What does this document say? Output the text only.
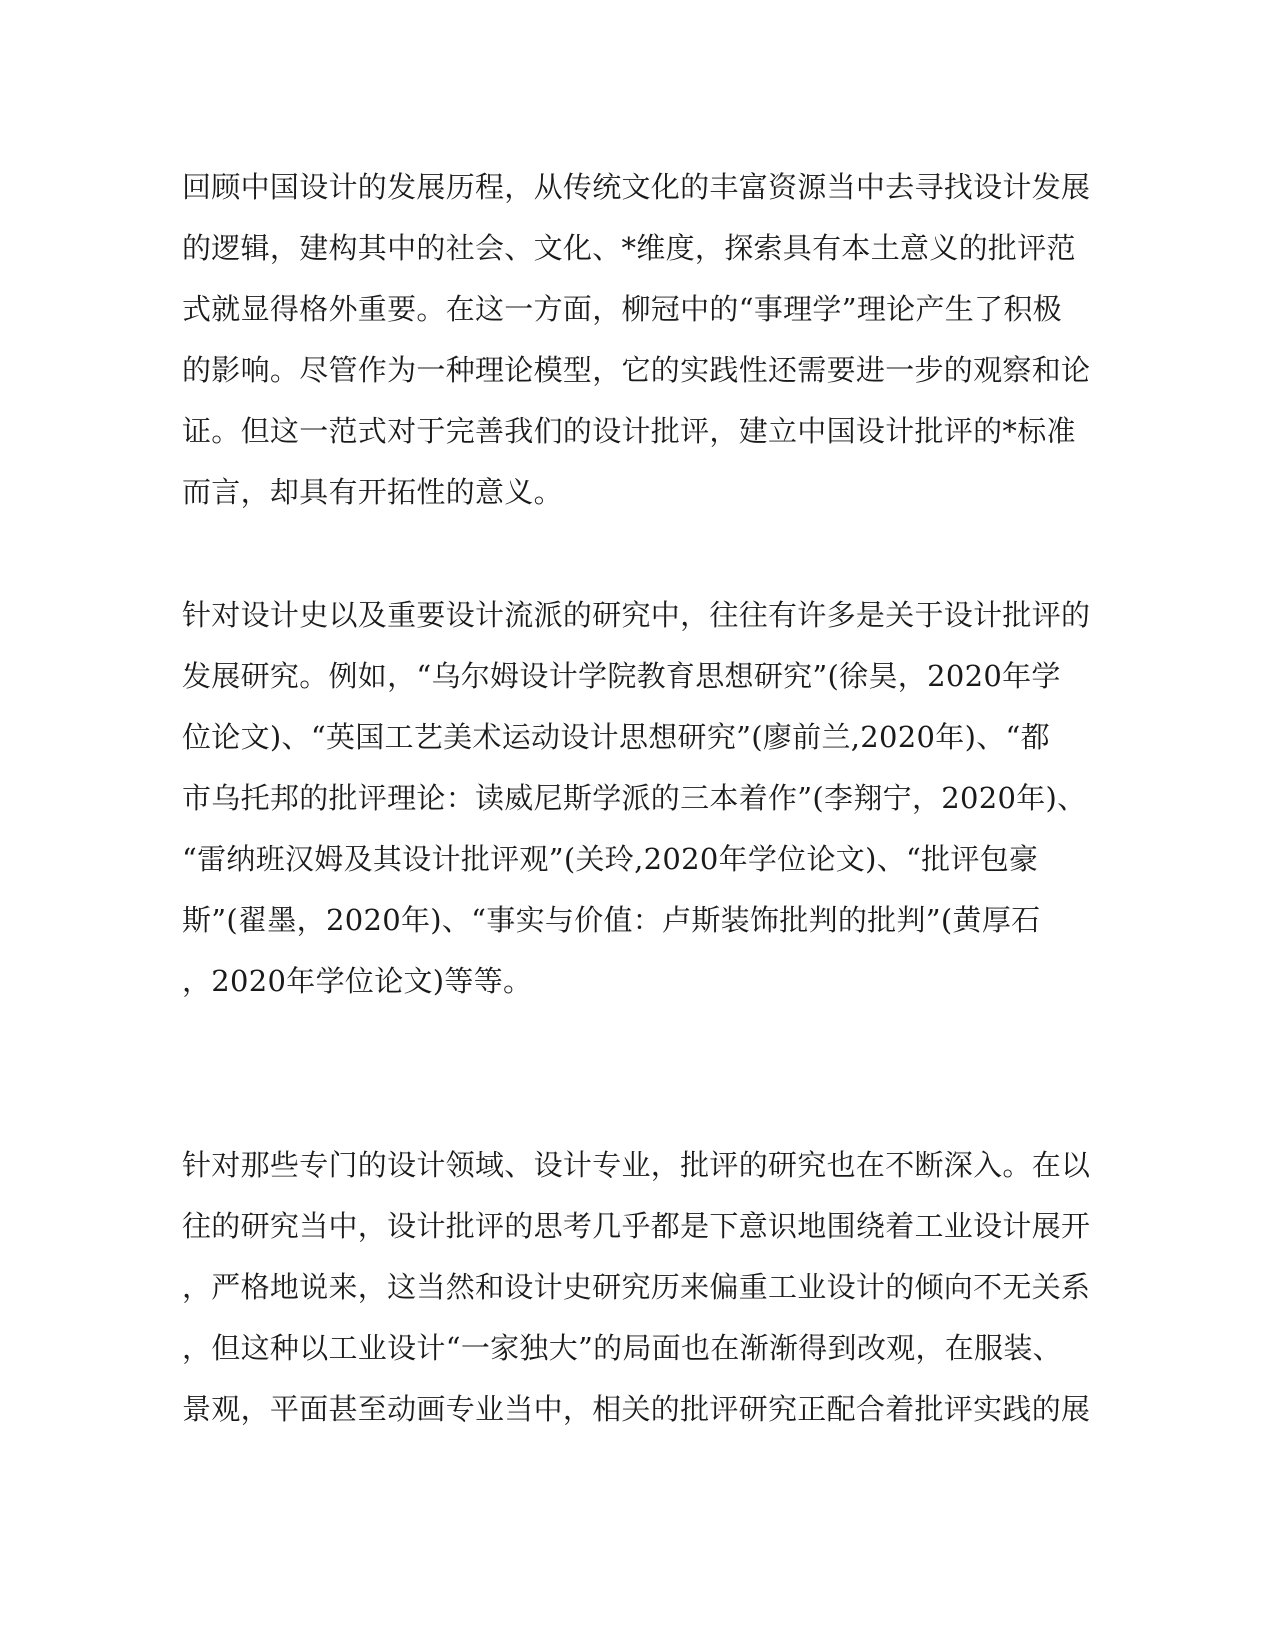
回顾中国设计的发展历程，从传统文化的丰富资源当中去寻找设计发展
的逻辑，建构其中的社会、文化、*维度，探索具有本土意义的批评范
式就显得格外重要。在这一方面，柳冠中的“事理学”理论产生了积极
的影响。尽管作为一种理论模型，它的实践性还需要进一步的观察和论
证。但这一范式对于完善我们的设计批评，建立中国设计批评的*标准
而言，却具有开拓性的意义。
针对设计史以及重要设计流派的研究中，往往有许多是关于设计批评的
发展研究。例如，“乌尔姆设计学院教育思想研究”(徐昊，2020年学
位论文)、“英国工艺美术运动设计思想研究”(廖前兰,2020年)、“都
市乌托邦的批评理论：读威尼斯学派的三本着作”(李翔宁，2020年)、
“雷纳班汉姆及其设计批评观”(关玲,2020年学位论文)、“批评包豪
斯”(翟墨，2020年)、“事实与价值：卢斯装饰批判的批判”(黄厚石
，2020年学位论文)等等。
针对那些专门的设计领域、设计专业，批评的研究也在不断深入。在以
往的研究当中，设计批评的思考几乎都是下意识地围绕着工业设计展开
，严格地说来，这当然和设计史研究历来偏重工业设计的倾向不无关系
，但这种以工业设计“一家独大”的局面也在渐渐得到改观，在服装、
景观，平面甚至动画专业当中，相关的批评研究正配合着批评实践的展
